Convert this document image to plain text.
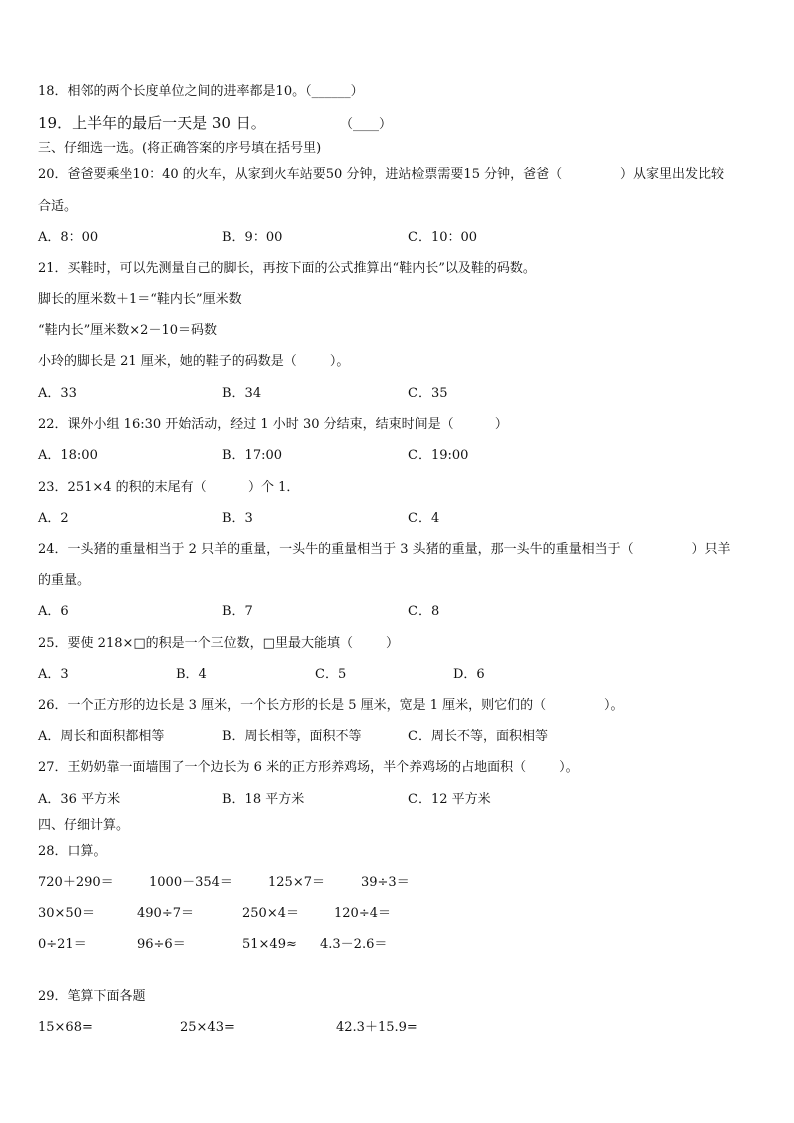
18．相邻的两个长度单位之间的进率都是10。（______）
19．上半年的最后一天是 30 日。	（____）
三、仔细选一选。(将正确答案的序号填在括号里)
20．爸爸要乘坐10：40 的火车，从家到火车站要50 分钟，进站检票需要15 分钟，爸爸（              ）从家里出发比较
合适。
A．8：00	B．9：00	C．10：00
21．买鞋时，可以先测量自己的脚长，再按下面的公式推算出“鞋内长”以及鞋的码数。
脚长的厘米数＋1＝“鞋内长”厘米数
“鞋内长”厘米数×2－10＝码数
小玲的脚长是 21 厘米，她的鞋子的码数是（        ）。
A．33	B．34	C．35
22．课外小组 16:30 开始活动，经过 1 小时 30 分结束，结束时间是（          ）
A．18:00	B．17:00	C．19:00
23．251×4 的积的末尾有（          ）个 1．
A．2	B．3	C．4
24．一头猪的重量相当于 2 只羊的重量，一头牛的重量相当于 3 头猪的重量，那一头牛的重量相当于（              ）只羊
的重量。
A．6	B．7	C．8
25．要使 218×□的积是一个三位数，□里最大能填（        ）
A．3	B．4	C．5	D．6
26．一个正方形的边长是 3 厘米，一个长方形的长是 5 厘米，宽是 1 厘米，则它们的（              ）。
A．周长和面积都相等	B．周长相等，面积不等	C．周长不等，面积相等
27．王奶奶靠一面墙围了一个边长为 6 米的正方形养鸡场，半个养鸡场的占地面积（        ）。
A．36 平方米	B．18 平方米	C．12 平方米
四、仔细计算。
28．口算。
720＋290＝	1000－354＝	125×7＝	39÷3＝
30×50＝	490÷7＝	250×4＝	120÷4＝
0÷21＝	96÷6＝	51×49≈ 4.3－2.6＝
29．笔算下面各题
15×68=	25×43=	42.3＋15.9=
